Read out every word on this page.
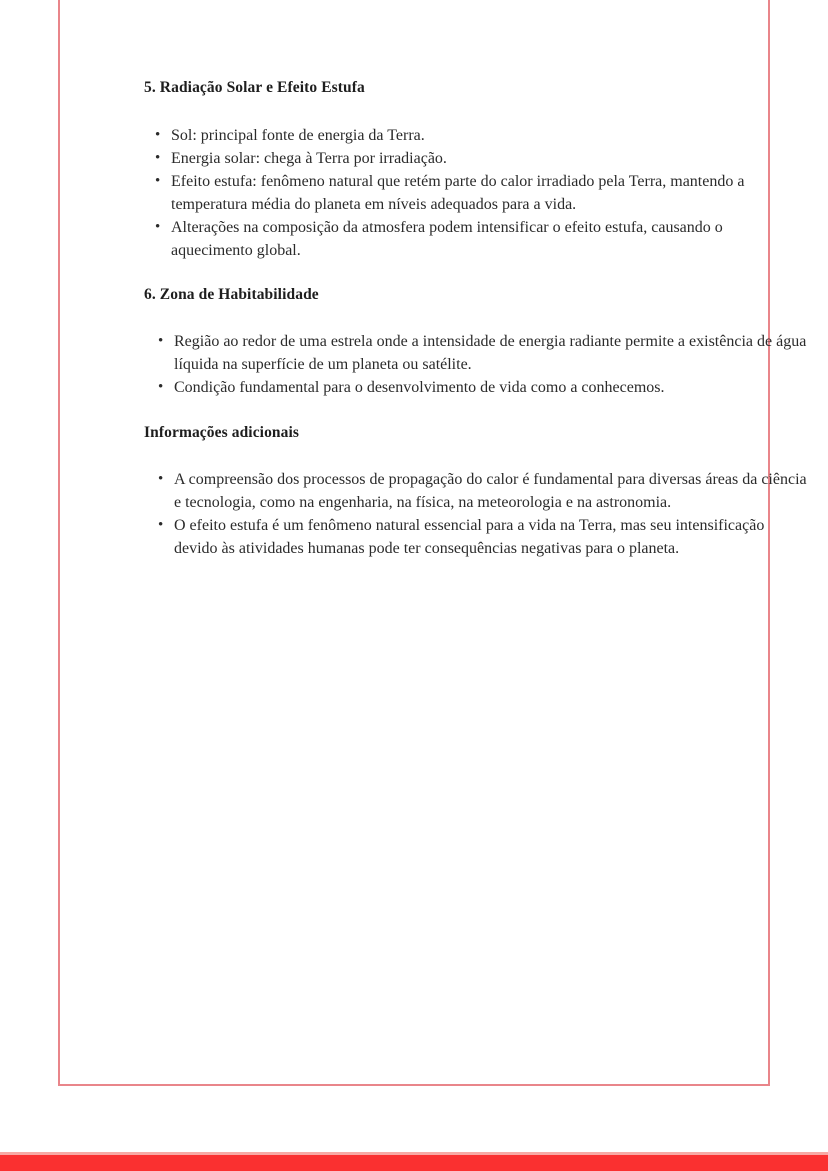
5. Radiação Solar e Efeito Estufa
• Sol: principal fonte de energia da Terra.
• Energia solar: chega à Terra por irradiação.
• Efeito estufa: fenômeno natural que retém parte do calor irradiado pela Terra, mantendo a temperatura média do planeta em níveis adequados para a vida.
• Alterações na composição da atmosfera podem intensificar o efeito estufa, causando o aquecimento global.
6. Zona de Habitabilidade
• Região ao redor de uma estrela onde a intensidade de energia radiante permite a existência de água líquida na superfície de um planeta ou satélite.
• Condição fundamental para o desenvolvimento de vida como a conhecemos.
Informações adicionais
• A compreensão dos processos de propagação do calor é fundamental para diversas áreas da ciência e tecnologia, como na engenharia, na física, na meteorologia e na astronomia.
• O efeito estufa é um fenômeno natural essencial para a vida na Terra, mas seu intensificação devido às atividades humanas pode ter consequências negativas para o planeta.
